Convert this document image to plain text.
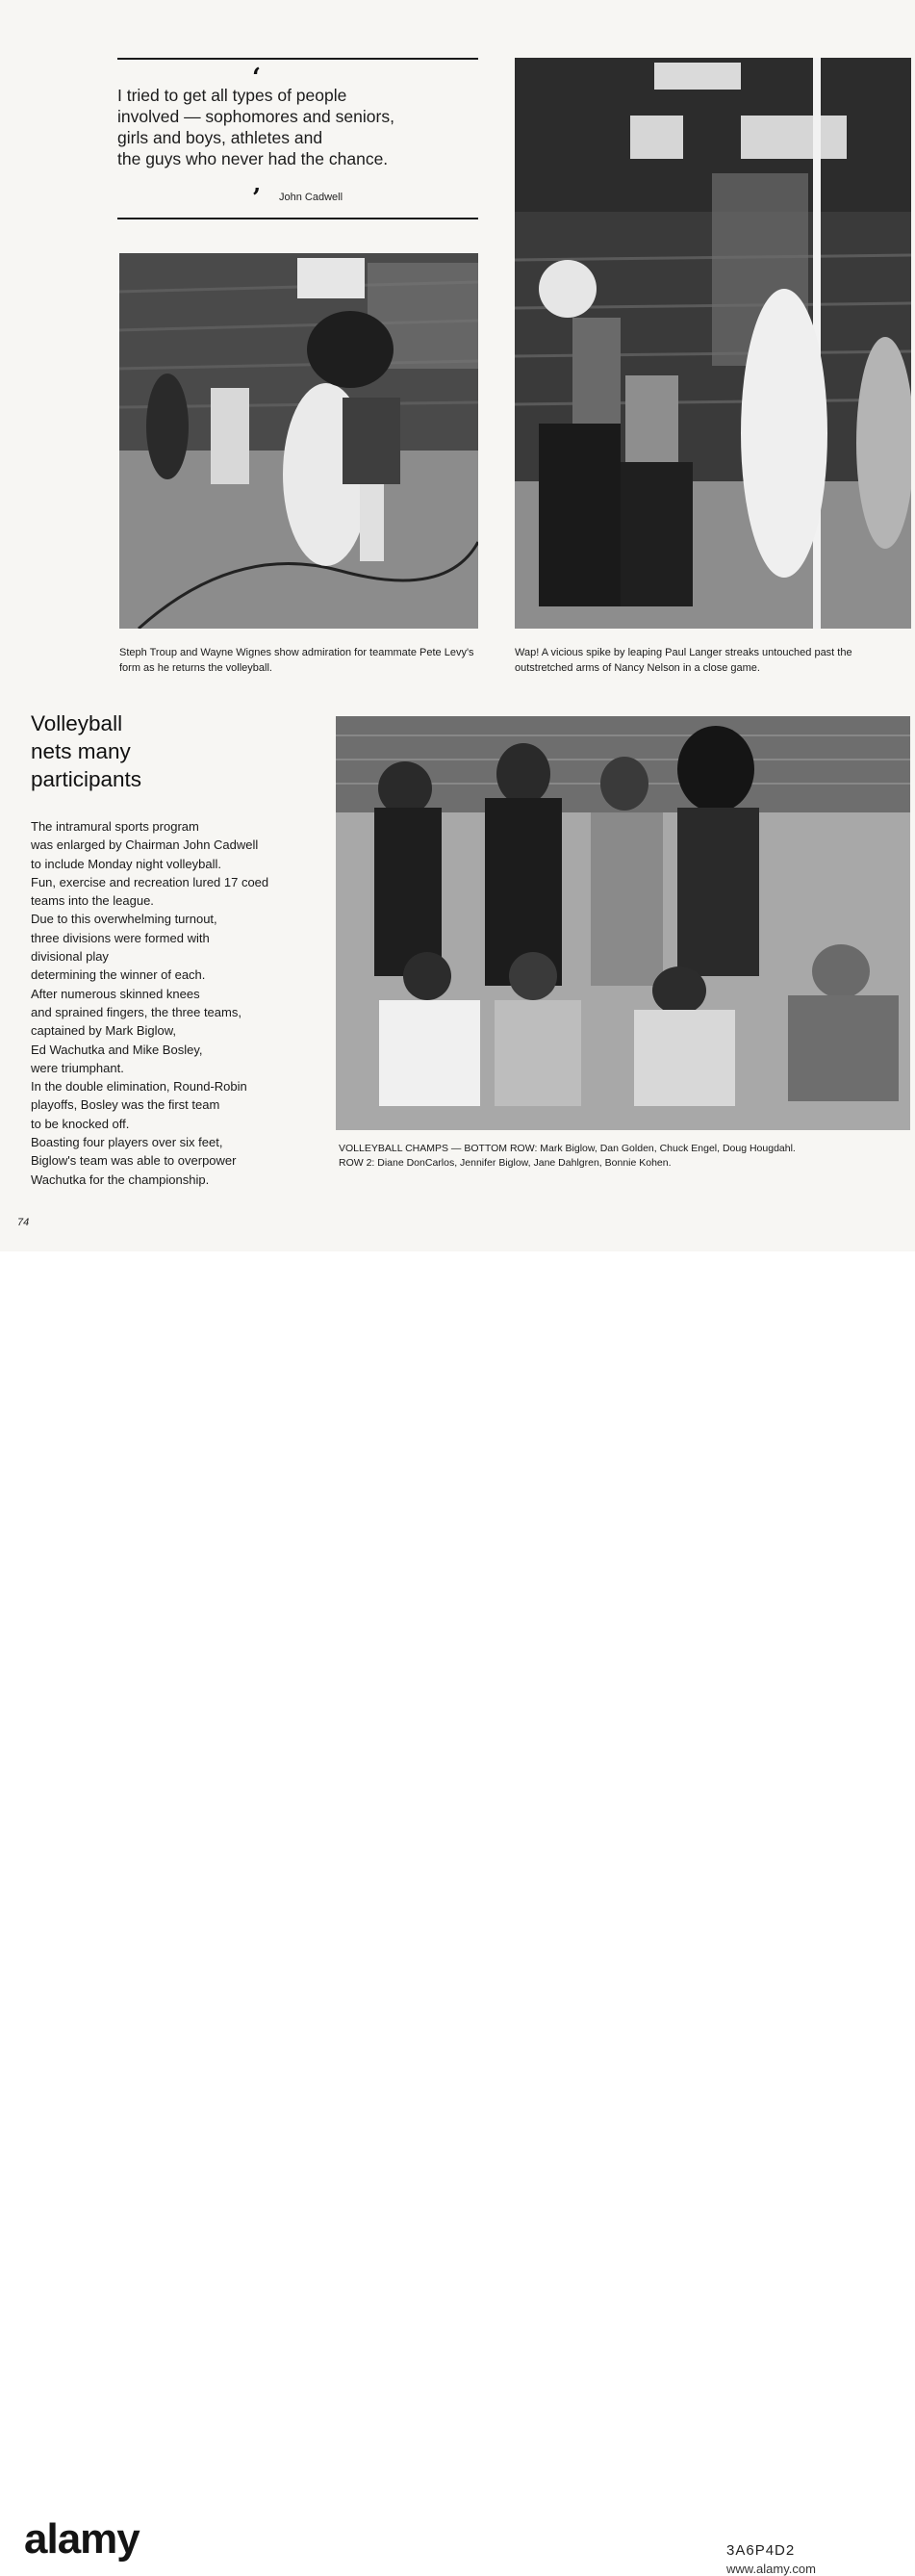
‘
I tried to get all types of people
involved — sophomores and seniors,
girls and boys, athletes and
the guys who never had the chance.
’ John Cadwell
Steph Troup and Wayne Wignes show admiration for teammate Pete Levy's form as he returns the volleyball.
Wap! A vicious spike by leaping Paul Langer streaks untouched past the outstretched arms of Nancy Nelson in a close game.
Volleyball
nets many
participants

The intramural sports program

was enlarged by Chairman John Cadwell

to include Monday night volleyball.

Fun, exercise and recreation lured 17 coed

teams into the league.

Due to this overwhelming turnout,

three divisions were formed with

divisional play

determining the winner of each.

After numerous skinned knees

and sprained fingers, the three teams,

captained by Mark Biglow,

Ed Wachutka and Mike Bosley,

were triumphant.

In the double elimination, Round-Robin

playoffs, Bosley was the first team

to be knocked off.

Boasting four players over six feet,

Biglow's team was able to overpower

Wachutka for the championship.

VOLLEYBALL CHAMPS — BOTTOM ROW: Mark Biglow, Dan Golden, Chuck Engel, Doug Hougdahl.
ROW 2: Diane DonCarlos, Jennifer Biglow, Jane Dahlgren, Bonnie Kohen.
74
alamy	3A6P4D2
www.alamy.com
